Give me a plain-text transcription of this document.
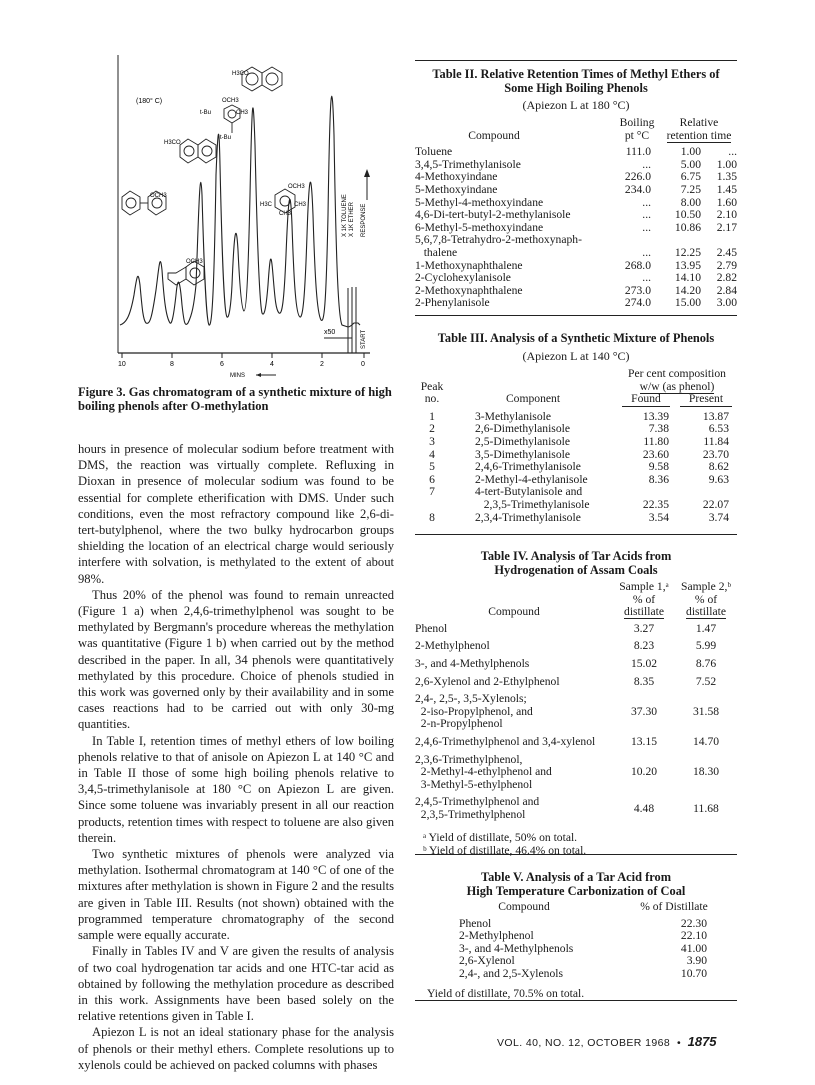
10	8	6	4	2	0
MINS
x50	START
X 1K TOLUENE X 1K ETHER RESPONSE
(180° C)
H3CO
OCH3
t-Bu	CH3
t-Bu
H3CO
OCH3
OCH3
H3C	CH3
CH3
OCH3
Figure 3. Gas chromatogram of a synthetic mixture of high boiling phenols after O-methylation

hours in presence of molecular sodium before treatment with DMS, the reaction was virtually complete. Refluxing in Dioxan in presence of molecular sodium was found to be essential for complete etherification with DMS. Under such conditions, even the most refractory compound like 2,6-di-tert-butylphenol, where the two bulky hydrocarbon groups shielding the location of an electrical charge would seriously interfere with solvation, is methylated to the extent of about 98%.

Thus 20% of the phenol was found to remain unreacted (Figure 1 a) when 2,4,6-trimethylphenol was sought to be methylated by Bergmann's procedure whereas the methylation was quantitative (Figure 1 b) when carried out by the method described in the paper. In all, 34 phenols were quantitatively methylated by this procedure. Choice of phenols studied in this work was governed only by their availability and in some cases reactions had to be carried out with only 30-mg quantities.

In Table I, retention times of methyl ethers of low boiling phenols relative to that of anisole on Apiezon L at 140 °C and in Table II those of some high boiling phenols relative to 3,4,5-trimethylanisole at 180 °C on Apiezon L are given. Since some toluene was invariably present in all our reaction products, retention times with respect to toluene are also given therein.

Two synthetic mixtures of phenols were analyzed via methylation. Isothermal chromatogram at 140 °C of one of the mixtures after methylation is shown in Figure 2 and the results are given in Table III. Results (not shown) obtained with the programmed temperature chromatography of the second sample were equally accurate.

Finally in Tables IV and V are given the results of analysis of two coal hydrogenation tar acids and one HTC-tar acid as obtained by following the methylation procedure as described in this work. Assignments have been based solely on the relative retentions given in Table I.

Apiezon L is not an ideal stationary phase for the analysis of phenols or their methyl ethers. Complete resolutions up to xylenols could be achieved on packed columns with phases

Table II. Relative Retention Times of Methyl Ethers of Some High Boiling Phenols
(Apiezon L at 180 °C)
	Boiling	Relative	
Compound	pt °C	retention time	

Toluene	111.0	1.00	...
3,4,5-Trimethylanisole	...	5.00	1.00
4-Methoxyindane	226.0	6.75	1.35
5-Methoxyindane	234.0	7.25	1.45
5-Methyl-4-methoxyindane	...	8.00	1.60
4,6-Di-tert-butyl-2-methylanisole	...	10.50	2.10
6-Methyl-5-methoxyindane	...	10.86	2.17
5,6,7,8-Tetrahydro-2-methoxynaph-			
thalene	...	12.25	2.45
1-Methoxynaphthalene	268.0	13.95	2.79
2-Cyclohexylanisole	...	14.10	2.82
2-Methoxynaphthalene	273.0	14.20	2.84
2-Phenylanisole	274.0	15.00	3.00
Table III. Analysis of a Synthetic Mixture of Phenols
(Apiezon L at 140 °C)
		Per cent composition	
Peak		w/w (as phenol)	
no.	Component	Found	Present

1	3-Methylanisole	13.39	13.87
2	2,6-Dimethylanisole	7.38	6.53
3	2,5-Dimethylanisole	11.80	11.84
4	3,5-Dimethylanisole	23.60	23.70
5	2,4,6-Trimethylanisole	9.58	8.62
6	2-Methyl-4-ethylanisole	8.36	9.63
7	4-tert-Butylanisole and		
	2,3,5-Trimethylanisole	22.35	22.07
8	2,3,4-Trimethylanisole	3.54	3.74
Table IV. Analysis of Tar Acids from
Hydrogenation of Assam Coals
	Sample 1,ᵃ	Sample 2,ᵇ
	% of	% of
Compound	distillate	distillate

Phenol	3.27	1.47

2-Methylphenol	8.23	5.99

3-, and 4-Methylphenols	15.02	8.76

2,6-Xylenol and 2-Ethylphenol	8.35	7.52

2,4-, 2,5-, 3,5-Xylenols;
2-iso-Propylphenol, and
2-n-Propylphenol	37.30	31.58

2,4,6-Trimethylphenol and 3,4-xylenol	13.15	14.70

2,3,6-Trimethylphenol,
2-Methyl-4-ethylphenol and
3-Methyl-5-ethylphenol	10.20	18.30

2,4,5-Trimethylphenol and
2,3,5-Trimethylphenol	4.48	11.68
ᵃ Yield of distillate, 50% on total.
ᵇ Yield of distillate, 46.4% on total.
Table V. Analysis of a Tar Acid from
High Temperature Carbonization of Coal
Compound	% of Distillate

Phenol	22.30
2-Methylphenol	22.10
3-, and 4-Methylphenols	41.00
2,6-Xylenol	3.90
2,4-, and 2,5-Xylenols	10.70
Yield of distillate, 70.5% on total.
VOL. 40, NO. 12, OCTOBER 1968 • 1875
